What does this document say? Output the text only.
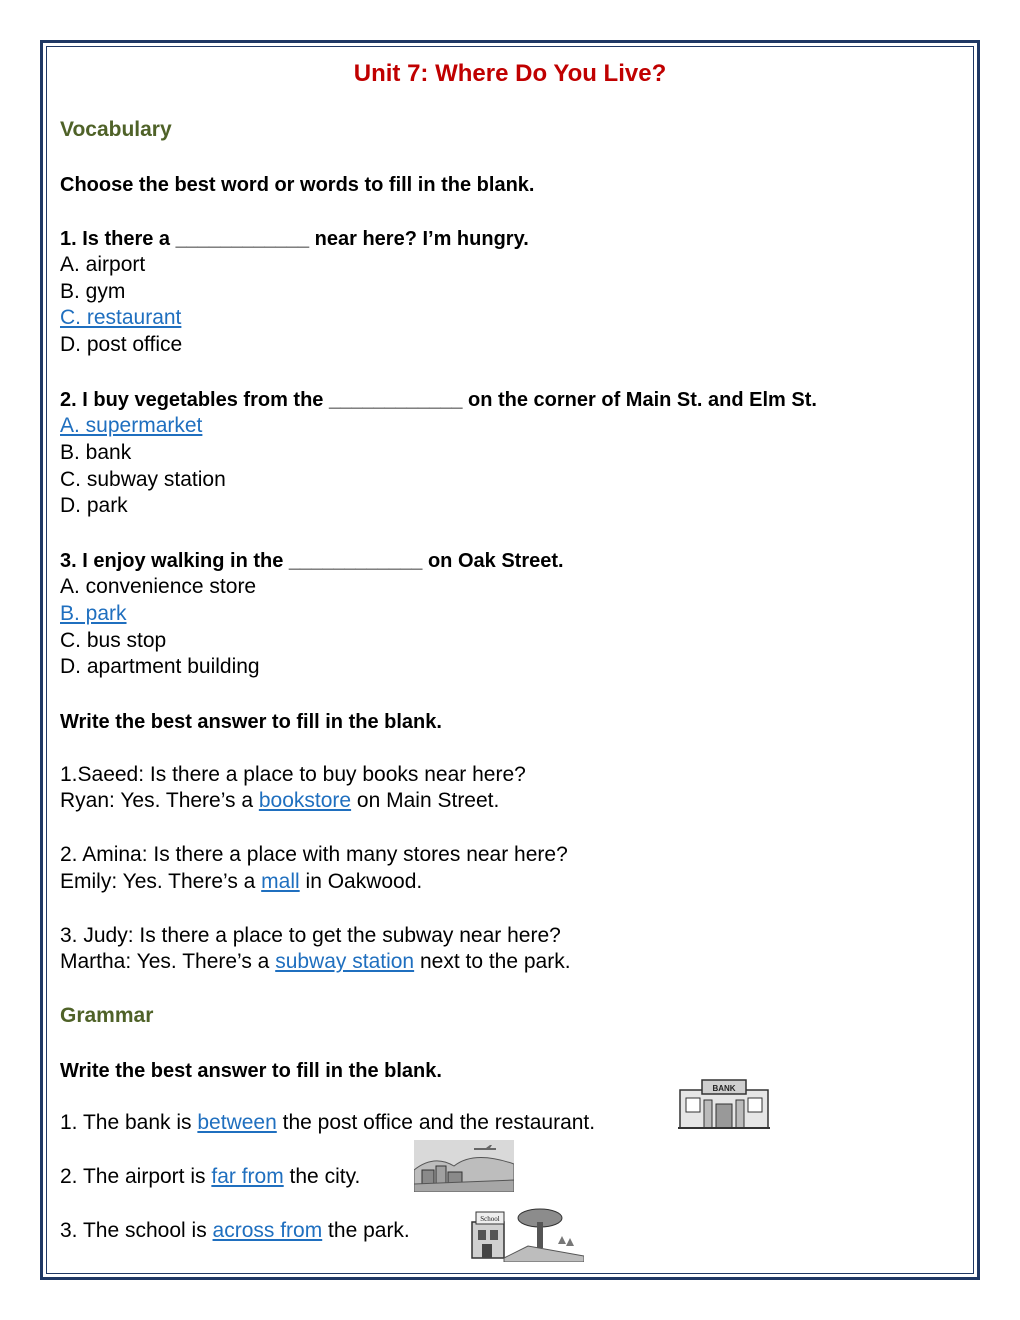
Unit 7: Where Do You Live?
Vocabulary
Choose the best word or words to fill in the blank.
1. Is there a ____________ near here? I’m hungry.
A. airport
B. gym
C. restaurant
D. post office
2. I buy vegetables from the ____________ on the corner of Main St. and Elm St.
A. supermarket
B. bank
C. subway station
D. park
3. I enjoy walking in the ____________ on Oak Street.
A. convenience store
B. park
C. bus stop
D. apartment building
Write the best answer to fill in the blank.
1.Saeed: Is there a place to buy books near here?
Ryan: Yes. There’s a bookstore on Main Street.
2. Amina: Is there a place with many stores near here?
Emily: Yes. There’s a mall in Oakwood.
3. Judy: Is there a place to get the subway near here?
Martha: Yes. There’s a subway station next to the park.
Grammar
Write the best answer to fill in the blank.
1. The bank is between the post office and the restaurant.
2. The airport is far from the city.
3. The school is across from the park.
BANK
School
